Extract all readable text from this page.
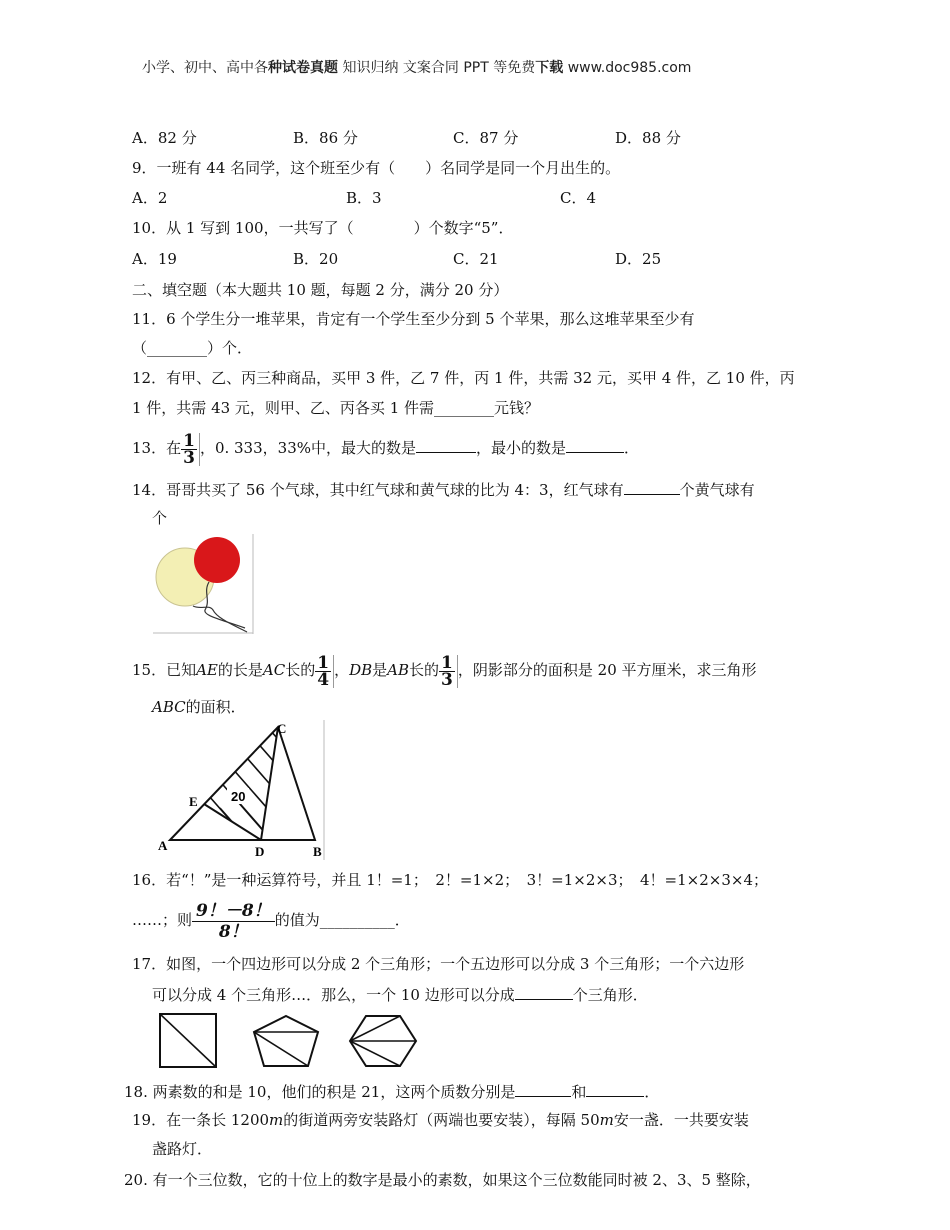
小学、初中、高中各种试卷真题 知识归纳 文案合同 PPT 等免费下载 www.doc985.com
A．82 分	B．86 分	C．87 分	D．88 分
9．一班有 44 名同学，这个班至少有（　　）名同学是同一个月出生的。
A．2	B．3	C．4
10．从 1 写到 100，一共写了（　　　　）个数字“5”．
A．19	B．20	C．21	D．25
二、填空题（本大题共 10 题，每题 2 分，满分 20 分）
11．6 个学生分一堆苹果，肯定有一个学生至少分到 5 个苹果，那么这堆苹果至少有
（________）个．
12．有甲、乙、丙三种商品，买甲 3 件，乙 7 件，丙 1 件，共需 32 元，买甲 4 件，乙 10 件，丙
1 件，共需 43 元，则甲、乙、丙各买 1 件需________元钱？
13．在 $\frac{1}{3}$ ，0. 333，33%中，最大的数是	，最小的数是	．
14．哥哥共买了 56 个气球，其中红气球和黄气球的比为 4：3，红气球有	个黄气球有
个
15．已知AE的长是AC长的 $\frac{1}{4}$ ，DB是AB长的 $\frac{1}{3}$ ，阴影部分的面积是 20 平方厘米，求三角形
ABC的面积．
20
A	D	B
C
E
16．若“！”是一种运算符号，并且 1！=1；　2！=1×2；　3！=1×2×3；　4！=1×2×3×4；
……；则 $\frac{9!-8!}{8!}$ 的值为__________．
17．如图，一个四边形可以分成 2 个三角形；一个五边形可以分成 3 个三角形；一个六边形
可以分成 4 个三角形…．那么，一个 10 边形可以分成	个三角形．
18. 两素数的和是 10，他们的积是 21，这两个质数分别是	和	．
19．在一条长 1200m的街道两旁安装路灯（两端也要安装），每隔 50m安一盏．一共要安装
盏路灯．
20. 有一个三位数，它的十位上的数字是最小的素数，如果这个三位数能同时被 2、3、5 整除，
